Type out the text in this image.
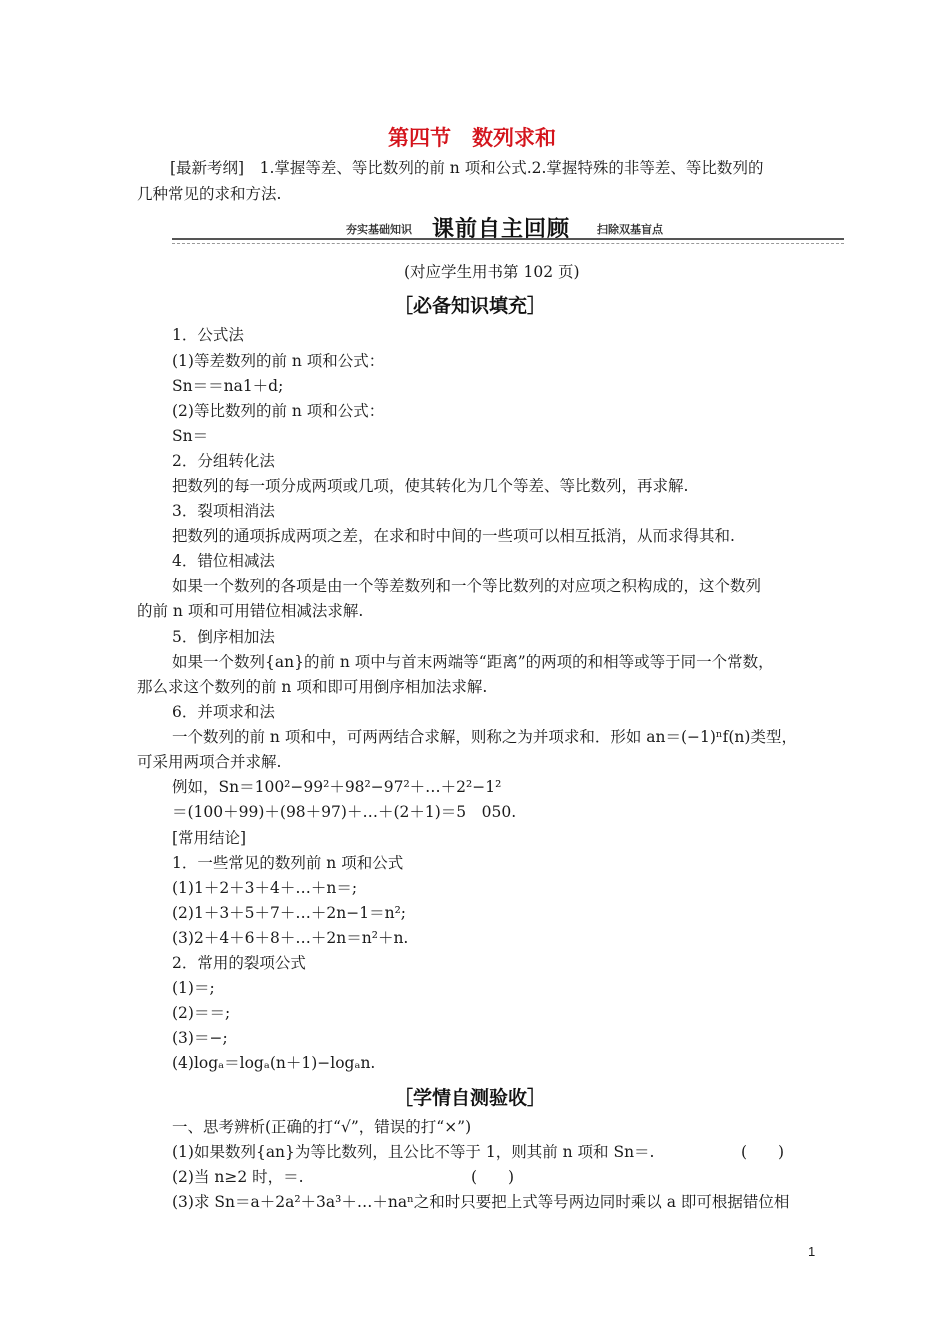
第四节　数列求和
[最新考纲]　1.掌握等差、等比数列的前 n 项和公式.2.掌握特殊的非等差、等比数列的
几种常见的求和方法.
夯实基础知识 课前自主回顾 扫除双基盲点
(对应学生用书第 102 页)
［必备知识填充］
1．公式法
(1)等差数列的前 n 项和公式：
Sn＝＝na1＋d;
(2)等比数列的前 n 项和公式：
Sn＝
2．分组转化法
把数列的每一项分成两项或几项，使其转化为几个等差、等比数列，再求解.
3．裂项相消法
把数列的通项拆成两项之差，在求和时中间的一些项可以相互抵消，从而求得其和.
4．错位相减法
如果一个数列的各项是由一个等差数列和一个等比数列的对应项之积构成的，这个数列
的前 n 项和可用错位相减法求解.
5．倒序相加法
如果一个数列{an}的前 n 项中与首末两端等“距离”的两项的和相等或等于同一个常数，
那么求这个数列的前 n 项和即可用倒序相加法求解.
6．并项求和法
一个数列的前 n 项和中，可两两结合求解，则称之为并项求和．形如 an＝(−1)ⁿf(n)类型，
可采用两项合并求解.
例如，Sn＝100²−99²＋98²−97²＋…＋2²−1²
＝(100＋99)＋(98＋97)＋…＋(2＋1)＝5　050.
[常用结论]
1．一些常见的数列前 n 项和公式
(1)1＋2＋3＋4＋…＋n＝;
(2)1＋3＋5＋7＋…＋2n−1＝n²;
(3)2＋4＋6＋8＋…＋2n＝n²＋n.
2．常用的裂项公式
(1)＝;
(2)＝＝;
(3)＝−;
(4)logₐ＝logₐ(n＋1)−logₐn.
［学情自测验收］
一、思考辨析(正确的打“√”，错误的打“×”)
(1)如果数列{an}为等比数列，且公比不等于 1，则其前 n 项和 Sn＝.	(　　)
(2)当 n≥2 时，＝.	(　　)
(3)求 Sn＝a＋2a²＋3a³＋…＋naⁿ之和时只要把上式等号两边同时乘以 a 即可根据错位相
1
